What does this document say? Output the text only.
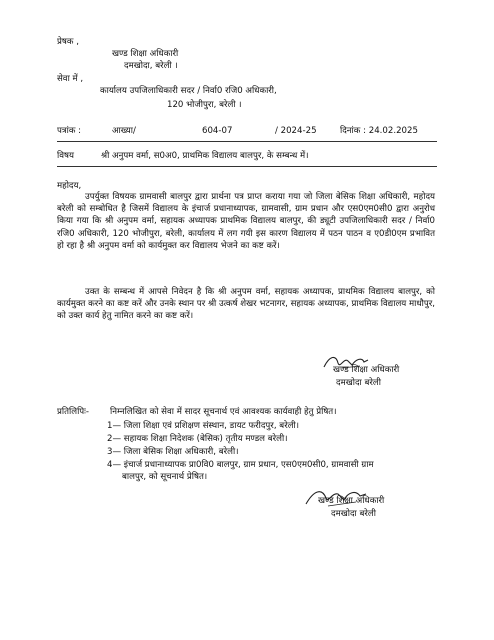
प्रेषक ,
खण्ड शिक्षा अधिकारी
दमखोदा, बरेली ।
सेवा में ,
कार्यालय उपजिलाधिकारी सदर / निर्वा0 रजि0 अधिकारी,
120 भोजीपुरा, बरेली ।
पत्रांक :	आख्या/	604-07	/ 2024-25	दिनांक : 24.02.2025
विषय	श्री अनुपम वर्मा, स0अ0, प्राथमिक विद्यालय बालपुर, के सम्बन्ध में।
महोदय,
उपर्युक्त विषयक ग्रामवासी बालपुर द्वारा प्रार्थना पत्र प्राप्त कराया गया जो जिला बेसिक शिक्षा अधिकारी, महोदय बरेली को सम्बोधित है जिसमें विद्यालय के इंचार्ज प्रधानाध्यापक, ग्रामवासी, ग्राम प्रधान और एस0एम0सी0 द्वारा अनुरोध किया गया कि श्री अनुपम वर्मा, सहायक अध्यापक प्राथमिक विद्यालय बालपुर, की ड्यूटी उपजिलाधिकारी सदर / निर्वा0 रजि0 अधिकारी, 120 भोजीपुरा, बरेली, कार्यालय में लग गयी इस कारण विद्यालय में पठन पाठन व ए0डी0एम प्रभावित हो रहा है श्री अनुपम वर्मा को कार्यमुक्त कर विद्यालय भेजने का कष्ट करें।
उक्त के सम्बन्ध में आपसे निवेदन है कि श्री अनुपम वर्मा, सहायक अध्यापक, प्राथमिक विद्यालय बालपुर, को कार्यमुक्त करने का कष्ट करें और उनके स्थान पर श्री उत्कर्ष शेखर भटनागर, सहायक अध्यापक, प्राथमिक विद्यालय माधौपुर, को उक्त कार्य हेतु नामित करने का कष्ट करें।
खण्ड शिक्षा अधिकारी
दमखोदा बरेली
प्रतिलिपिः- निम्नलिखित को सेवा में सादर सूचनार्थ एवं आवश्यक कार्यवाही हेतु प्रेषित।
1— जिला शिक्षा एवं प्रशिक्षण संस्थान, डायट फरीदपुर, बरेली।
2— सहायक शिक्षा निदेशक (बेसिक) तृतीय मण्डल बरेली।
3— जिला बेसिक शिक्षा अधिकारी, बरेली।
4— इंचार्ज प्रधानाध्यापक प्रा0वि0 बालपुर, ग्राम प्रधान, एस0एम0सी0, ग्रामवासी ग्राम
बालपुर, को सूचनार्थ प्रेषित।
खण्ड शिक्षा अधिकारी
दमखोदा बरेली
